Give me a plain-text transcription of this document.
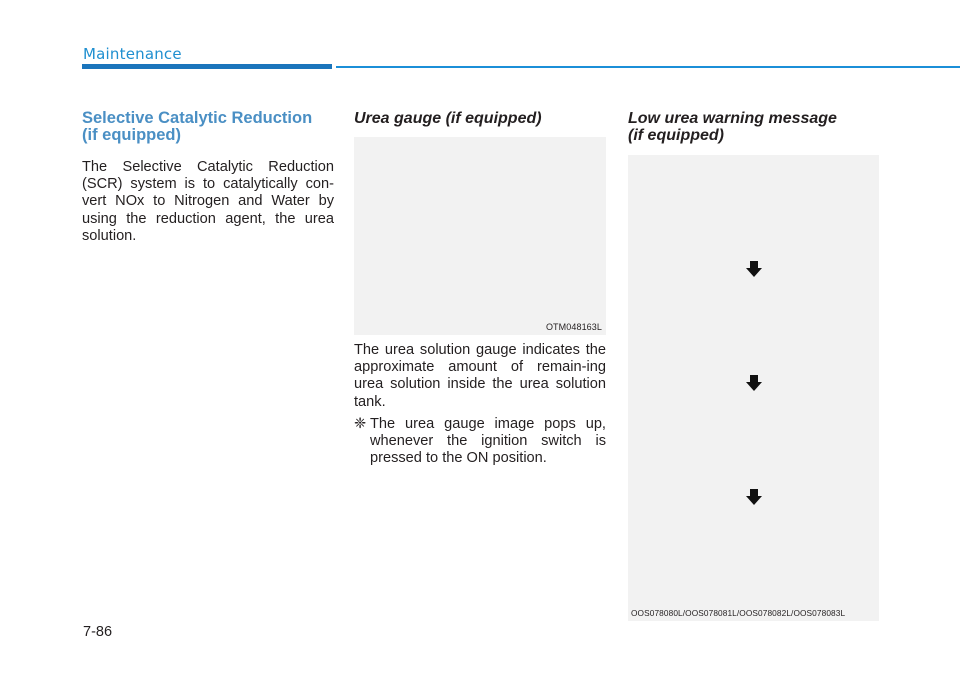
Maintenance
Selective Catalytic Reduction
(if equipped)

The Selective Catalytic Reduction (SCR) system is to catalytically con-vert NOx to Nitrogen and Water by using the reduction agent, the urea solution.

Urea gauge (if equipped)
OTM048163L

The urea solution gauge indicates the approximate amount of remain-ing urea solution inside the urea solution tank.

❈ The urea gauge image pops up, whenever the ignition switch is pressed to the ON position.

Low urea warning message
(if equipped)
OOS078080L/OOS078081L/OOS078082L/OOS078083L
7-86
